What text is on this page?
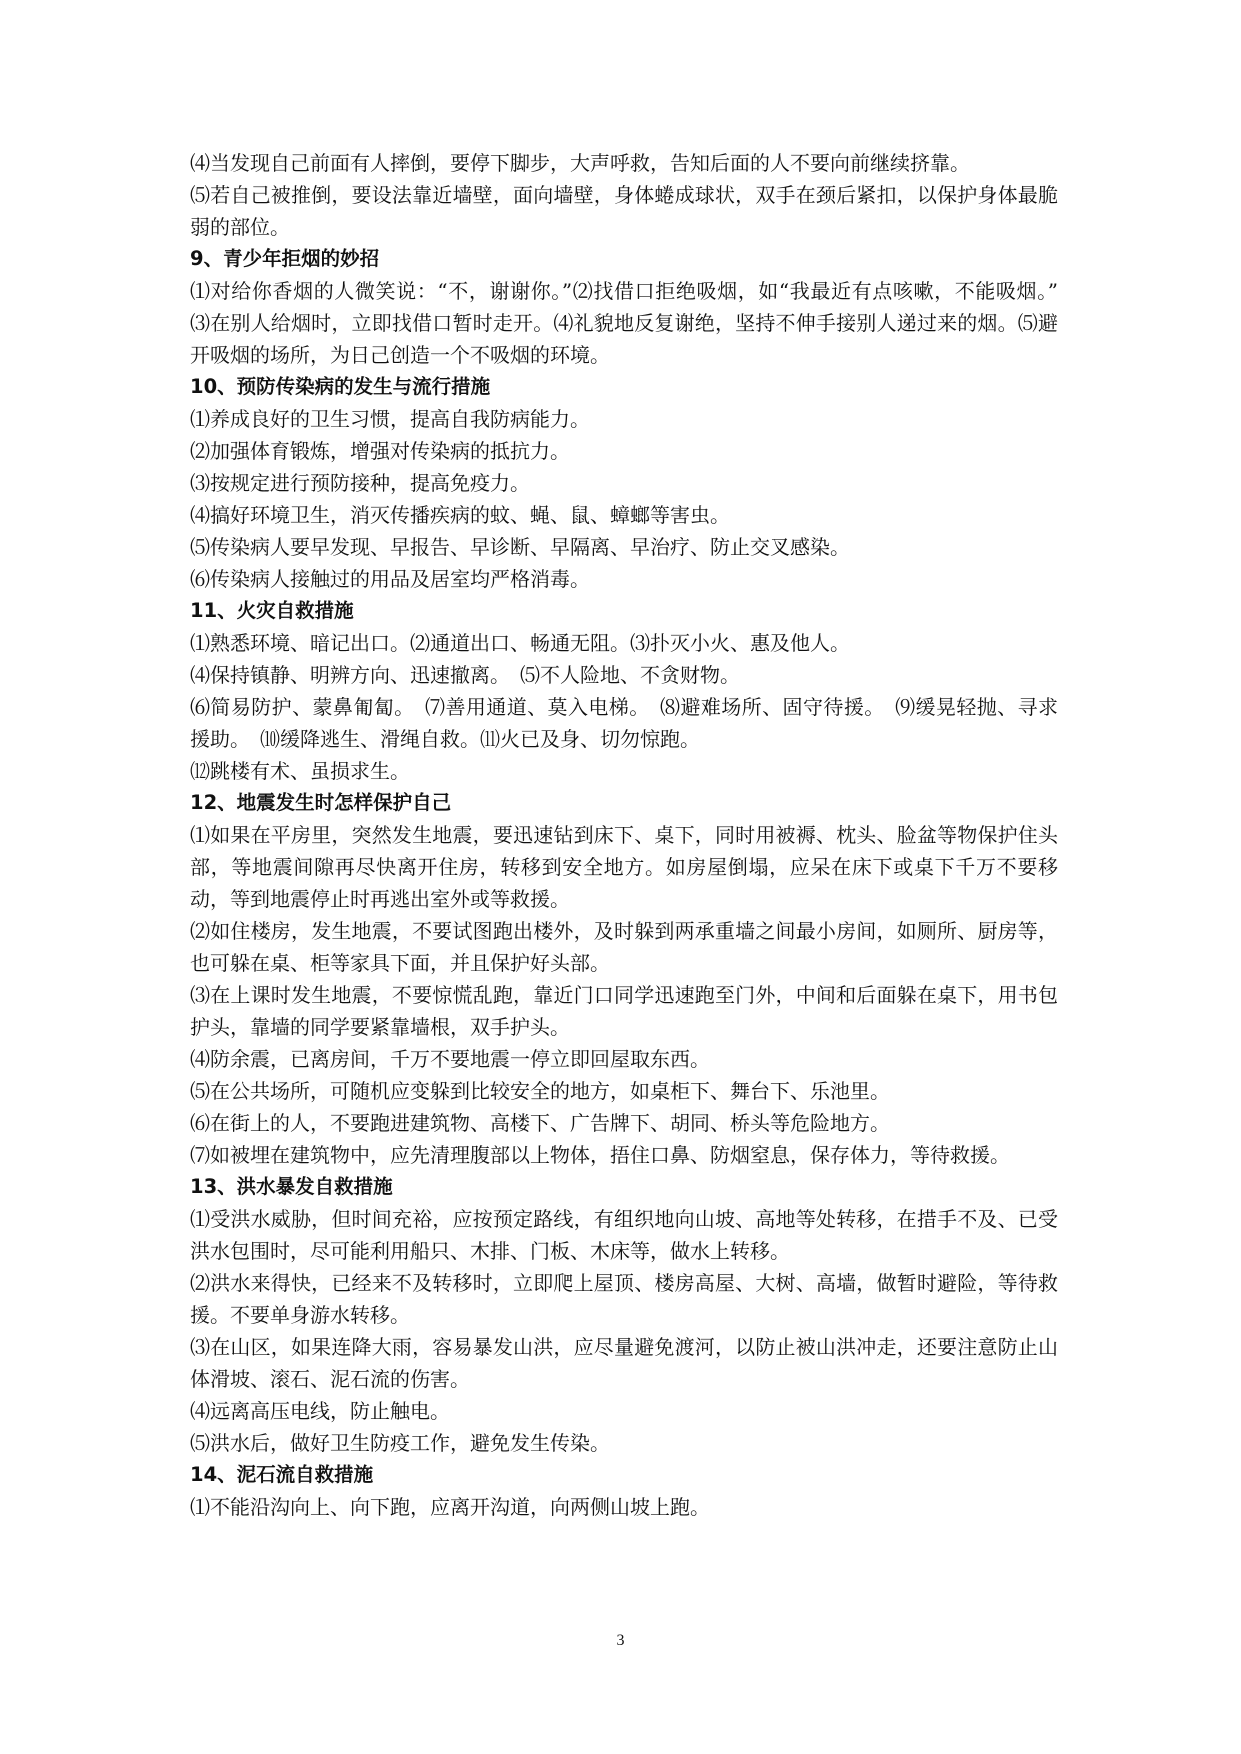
⑷当发现自己前面有人摔倒，要停下脚步，大声呼救，告知后面的人不要向前继续挤靠。

⑸若自己被推倒，要设法靠近墙壁，面向墙壁，身体蜷成球状，双手在颈后紧扣，以保护身体最脆弱的部位。

9、青少年拒烟的妙招

⑴对给你香烟的人微笑说：“不，谢谢你。”⑵找借口拒绝吸烟，如“我最近有点咳嗽，不能吸烟。”　⑶在别人给烟时，立即找借口暂时走开。⑷礼貌地反复谢绝，坚持不伸手接别人递过来的烟。⑸避开吸烟的场所，为日己创造一个不吸烟的环境。

10、预防传染病的发生与流行措施

⑴养成良好的卫生习惯，提高自我防病能力。

⑵加强体育锻炼，增强对传染病的抵抗力。

⑶按规定进行预防接种，提高免疫力。

⑷搞好环境卫生，消灭传播疾病的蚊、蝇、鼠、蟑螂等害虫。

⑸传染病人要早发现、早报告、早诊断、早隔离、早治疗、防止交叉感染。

⑹传染病人接触过的用品及居室均严格消毒。

11、火灾自救措施

⑴熟悉环境、暗记出口。⑵通道出口、畅通无阻。⑶扑灭小火、惠及他人。

⑷保持镇静、明辨方向、迅速撤离。　⑸不人险地、不贪财物。

⑹简易防护、蒙鼻匍匐。　⑺善用通道、莫入电梯。　⑻避难场所、固守待援。　⑼缓晃轻抛、寻求援助。　⑽缓降逃生、滑绳自救。⑾火已及身、切勿惊跑。

⑿跳楼有术、虽损求生。

12、地震发生时怎样保护自己

⑴如果在平房里，突然发生地震，要迅速钻到床下、桌下，同时用被褥、枕头、脸盆等物保护住头部，等地震间隙再尽快离开住房，转移到安全地方。如房屋倒塌，应呆在床下或桌下千万不要移动，等到地震停止时再逃出室外或等救援。

⑵如住楼房，发生地震，不要试图跑出楼外，及时躲到两承重墙之间最小房间，如厕所、厨房等，也可躲在桌、柜等家具下面，并且保护好头部。

⑶在上课时发生地震，不要惊慌乱跑，靠近门口同学迅速跑至门外，中间和后面躲在桌下，用书包护头，靠墙的同学要紧靠墙根，双手护头。

⑷防余震，已离房间，千万不要地震一停立即回屋取东西。

⑸在公共场所，可随机应变躲到比较安全的地方，如桌柜下、舞台下、乐池里。

⑹在街上的人，不要跑进建筑物、高楼下、广告牌下、胡同、桥头等危险地方。

⑺如被埋在建筑物中，应先清理腹部以上物体，捂住口鼻、防烟窒息，保存体力，等待救援。

13、洪水暴发自救措施

⑴受洪水威胁，但时间充裕，应按预定路线，有组织地向山坡、高地等处转移，在措手不及、已受洪水包围时，尽可能利用船只、木排、门板、木床等，做水上转移。

⑵洪水来得快，已经来不及转移时，立即爬上屋顶、楼房高屋、大树、高墙，做暂时避险，等待救援。不要单身游水转移。

⑶在山区，如果连降大雨，容易暴发山洪，应尽量避免渡河，以防止被山洪冲走，还要注意防止山体滑坡、滚石、泥石流的伤害。

⑷远离高压电线，防止触电。

⑸洪水后，做好卫生防疫工作，避免发生传染。

14、泥石流自救措施

⑴不能沿沟向上、向下跑，应离开沟道，向两侧山坡上跑。

3
